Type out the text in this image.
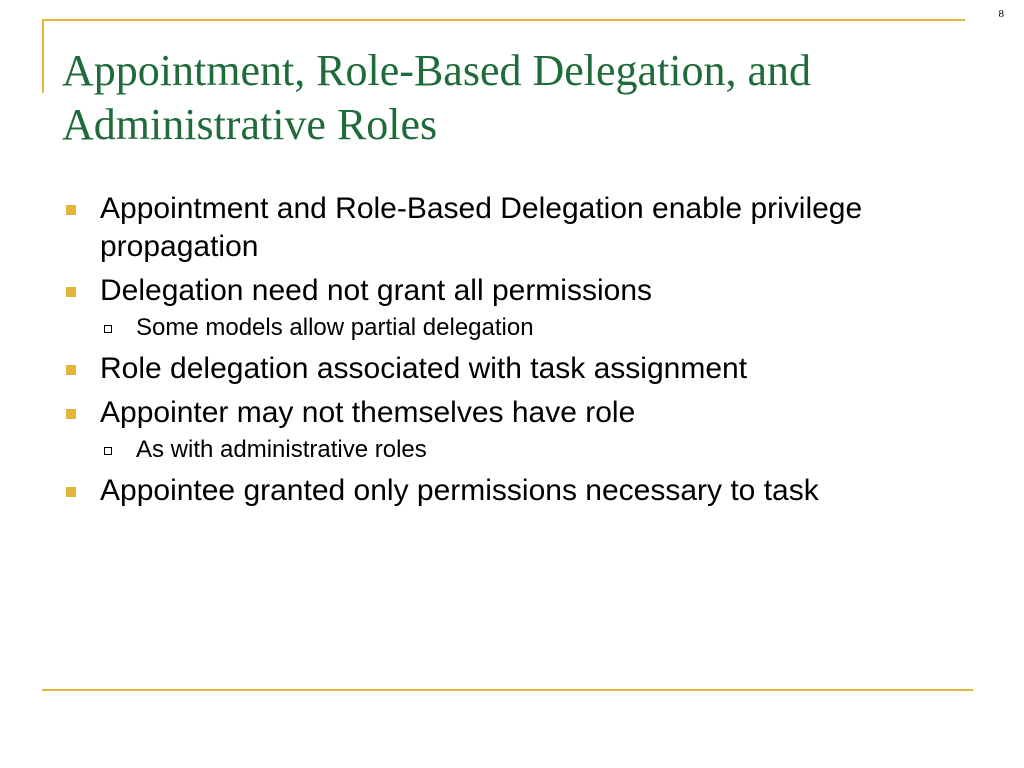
8
Appointment, Role-Based Delegation, and Administrative Roles
Appointment and Role-Based Delegation enable privilege propagation
Delegation need not grant all permissions
Some models allow partial delegation
Role delegation associated with task assignment
Appointer may not themselves have role
As with administrative roles
Appointee granted only permissions necessary to task
